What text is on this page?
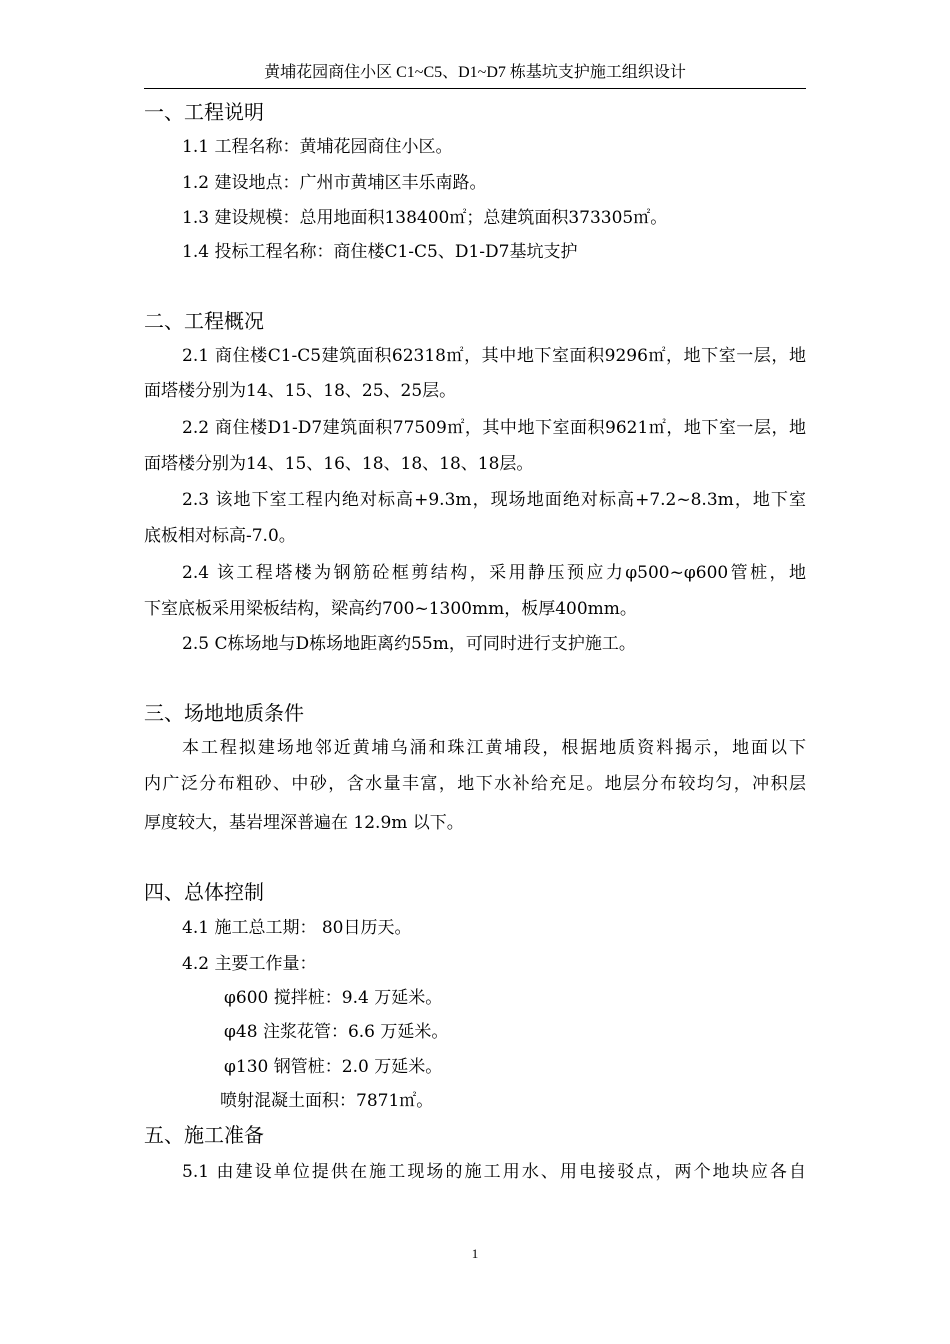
黄埔花园商住小区 C1~C5、D1~D7 栋基坑支护施工组织设计
一、工程说明
1.1 工程名称：黄埔花园商住小区。
1.2 建设地点：广州市黄埔区丰乐南路。
1.3 建设规模：总用地面积138400㎡；总建筑面积373305㎡。
1.4 投标工程名称：商住楼C1-C5、D1-D7基坑支护
二、工程概况
2.1 商住楼C1-C5建筑面积62318㎡，其中地下室面积9296㎡，地下室一层，地
面塔楼分别为14、15、18、25、25层。
2.2 商住楼D1-D7建筑面积77509㎡，其中地下室面积9621㎡，地下室一层，地
面塔楼分别为14、15、16、18、18、18、18层。
2.3 该地下室工程内绝对标高+9.3m，现场地面绝对标高+7.2~8.3m，地下室
底板相对标高-7.0。
2.4 该工程塔楼为钢筋砼框剪结构，采用静压预应力φ500~φ600管桩，地
下室底板采用梁板结构，梁高约700~1300mm，板厚400mm。
2.5 C栋场地与D栋场地距离约55m，可同时进行支护施工。
三、场地地质条件
本工程拟建场地邻近黄埔乌涌和珠江黄埔段，根据地质资料揭示，地面以下
内广泛分布粗砂、中砂，含水量丰富，地下水补给充足。地层分布较均匀，冲积层
厚度较大，基岩埋深普遍在 12.9m 以下。
四、总体控制
4.1 施工总工期： 80日历天。
4.2 主要工作量：
φ600 搅拌桩：9.4 万延米。
φ48 注浆花管：6.6 万延米。
φ130 钢管桩：2.0 万延米。
喷射混凝土面积：7871㎡。
五、施工准备
5.1 由建设单位提供在施工现场的施工用水、用电接驳点，两个地块应各自
1
